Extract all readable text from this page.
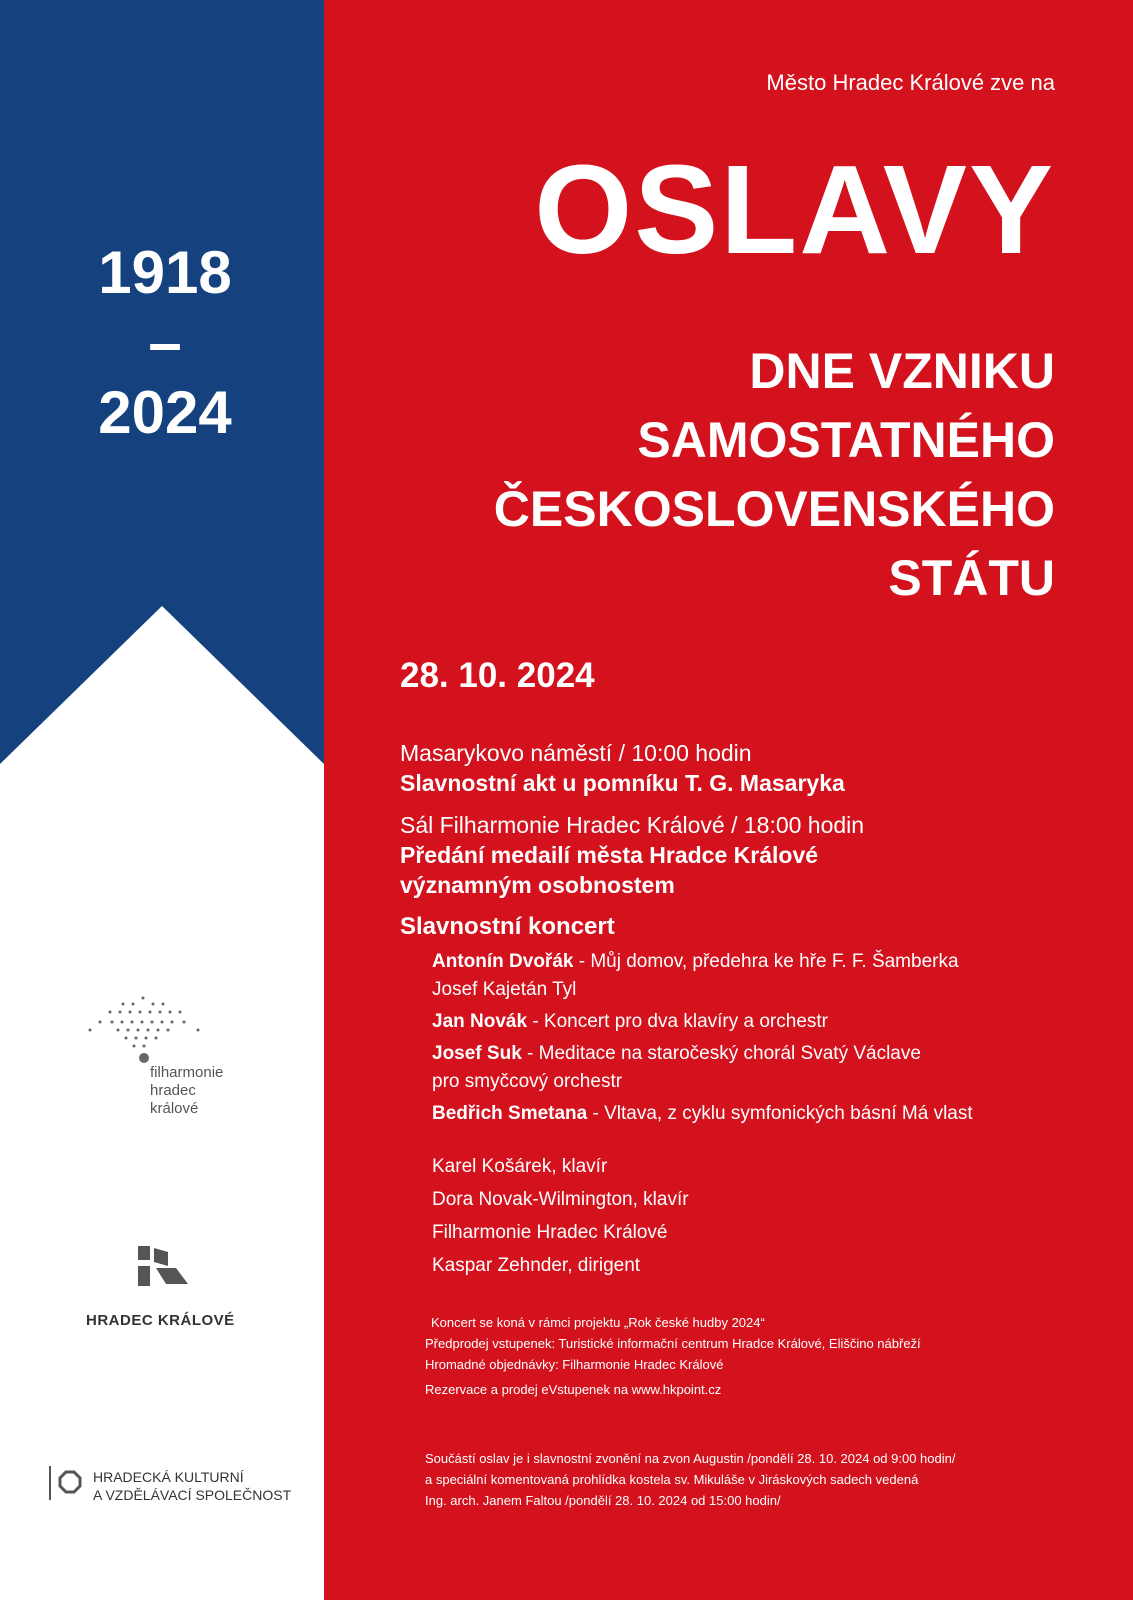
1918
–
2024
Město Hradec Králové zve na
OSLAVY
DNE VZNIKU
SAMOSTATNÉHO
ČESKOSLOVENSKÉHO
STÁTU
28. 10. 2024
Masarykovo náměstí / 10:00 hodin
Slavnostní akt u pomníku T. G. Masaryka
Sál Filharmonie Hradec Králové / 18:00 hodin
Předání medailí města Hradce Králové
významným osobnostem
Slavnostní koncert
Antonín Dvořák - Můj domov, předehra ke hře F. F. Šamberka
Josef Kajetán Tyl
Jan Novák - Koncert pro dva klavíry a orchestr
Josef Suk - Meditace na staročeský chorál Svatý Václave
pro smyčcový orchestr
Bedřich Smetana - Vltava, z cyklu symfonických básní Má vlast
Karel Košárek, klavír
Dora Novak-Wilmington, klavír
Filharmonie Hradec Králové
Kaspar Zehnder, dirigent
Koncert se koná v rámci projektu „Rok české hudby 2024“
Předprodej vstupenek: Turistické informační centrum Hradce Králové, Eliščino nábřeží
Hromadné objednávky: Filharmonie Hradec Králové
Rezervace a prodej eVstupenek na www.hkpoint.cz
Součástí oslav je i slavnostní zvonění na zvon Augustin /pondělí 28. 10. 2024 od 9:00 hodin/
a speciální komentovaná prohlídka kostela sv. Mikuláše v Jiráskových sadech vedená
Ing. arch. Janem Faltou /pondělí 28. 10. 2024 od 15:00 hodin/
filharmonie
hradec
králové
HRADEC KRÁLOVÉ
HRADECKÁ KULTURNÍ
A VZDĚLÁVACÍ SPOLEČNOST
